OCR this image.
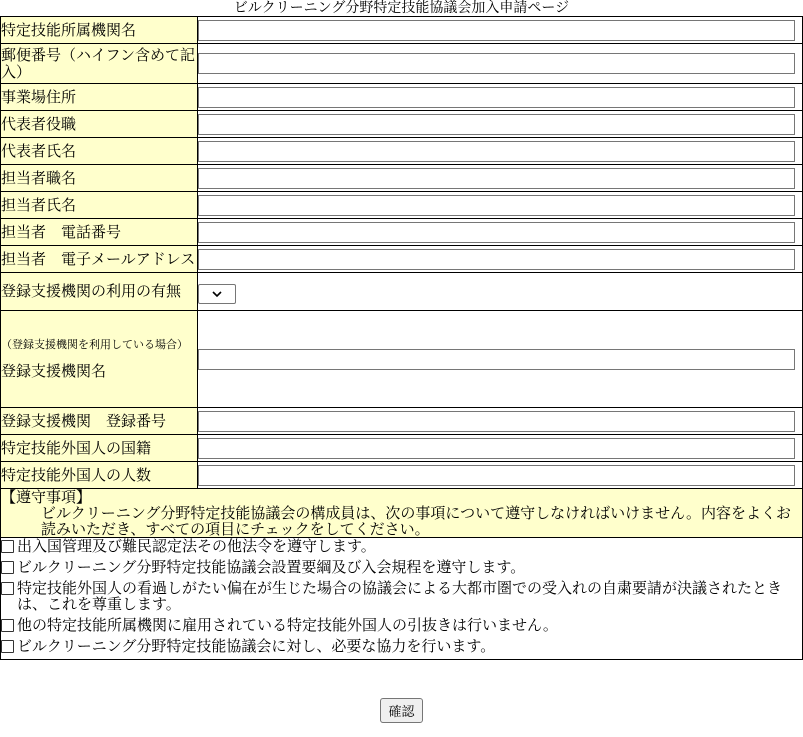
ビルクリーニング分野特定技能協議会加入申請ページ
特定技能所属機関名	

郵便番号（ハイフン含めて記入）	

事業場住所	

代表者役職	

代表者氏名	

担当者職名	

担当者氏名	

担当者　電話番号	

担当者　電子メールアドレス	

登録支援機関の利用の有無	

（登録支援機関を利用している場合）
登録支援機関名	

登録支援機関　登録番号	

特定技能外国人の国籍	

特定技能外国人の人数	

【遵守事項】
ビルクリーニング分野特定技能協議会の構成員は、次の事項について遵守しなければいけません。内容をよくお読みいただき、すべての項目にチェックをしてください。	

出入国管理及び難民認定法その他法令を遵守します。
ビルクリーニング分野特定技能協議会設置要綱及び入会規程を遵守します。
特定技能外国人の看過しがたい偏在が生じた場合の協議会による大都市圏での受入れの自粛要請が決議されたときは、これを尊重します。
他の特定技能所属機関に雇用されている特定技能外国人の引抜きは行いません。
ビルクリーニング分野特定技能協議会に対し、必要な協力を行います。	
確認
